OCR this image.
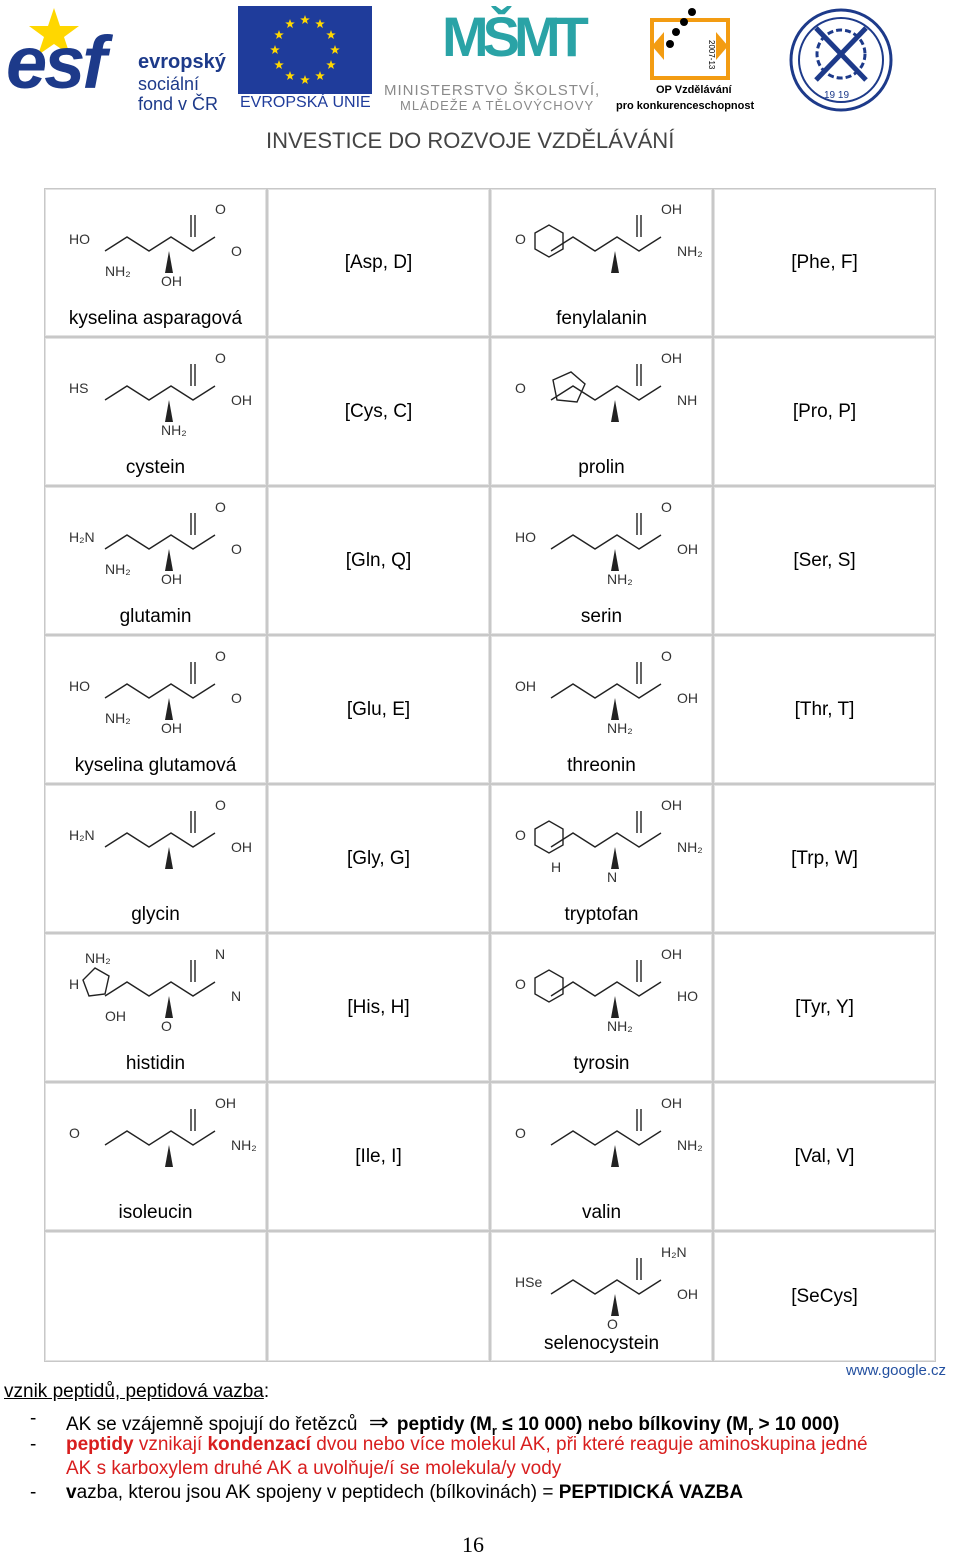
esf evropský
sociální
fond v ČR EVROPSKÁ UNIE
MŠMT
MINISTERSTVO ŠKOLSTVÍ,
MLÁDEŽE A TĚLOVÝCHOVY
2007-13
OP Vzdělávání
pro konkurenceschopnost
19 19
INVESTICE DO ROZVOJE VZDĚLÁVÁNÍ
HO
O
O
OH
NH₂
kyselina asparagová
[Asp, D]
O
OH
NH₂
fenylalanin
[Phe, F]
HS
O
OH
NH₂
cystein
[Cys, C]
O
OH
NH
prolin
[Pro, P]
H₂N
O
O
OH
NH₂
glutamin
[Gln, Q]
HO
O
OH
NH₂
serin
[Ser, S]
HO
O
O
OH
NH₂
kyselina glutamová
[Glu, E]
OH
O
OH
NH₂
threonin
[Thr, T]
H₂N
O
OH
glycin
[Gly, G]
O
OH
NH₂
N
H
tryptofan
[Trp, W]
H
N
N
O
OH
NH₂
histidin
[His, H]
O
OH
HO
NH₂
tyrosin
[Tyr, Y]
O
OH
NH₂
isoleucin
[Ile, I]
O
OH
NH₂
valin
[Val, V]
HSe
H₂N
OH
O
selenocystein
[SeCys]
www.google.cz
vznik peptidů, peptidová vazba:
- AK se vzájemně spojují do řetězců ⇒ peptidy ($M_r \le 10$ 000) nebo bílkoviny ($M_r > 10$ 000)
- peptidy vznikají kondenzací dvou nebo více molekul AK, při které reaguje aminoskupina jedné
AK s karboxylem druhé AK a uvolňuje/í se molekula/y vody
- vazba, kterou jsou AK spojeny v peptidech (bílkovinách) = PEPTIDICKÁ VAZBA
16
